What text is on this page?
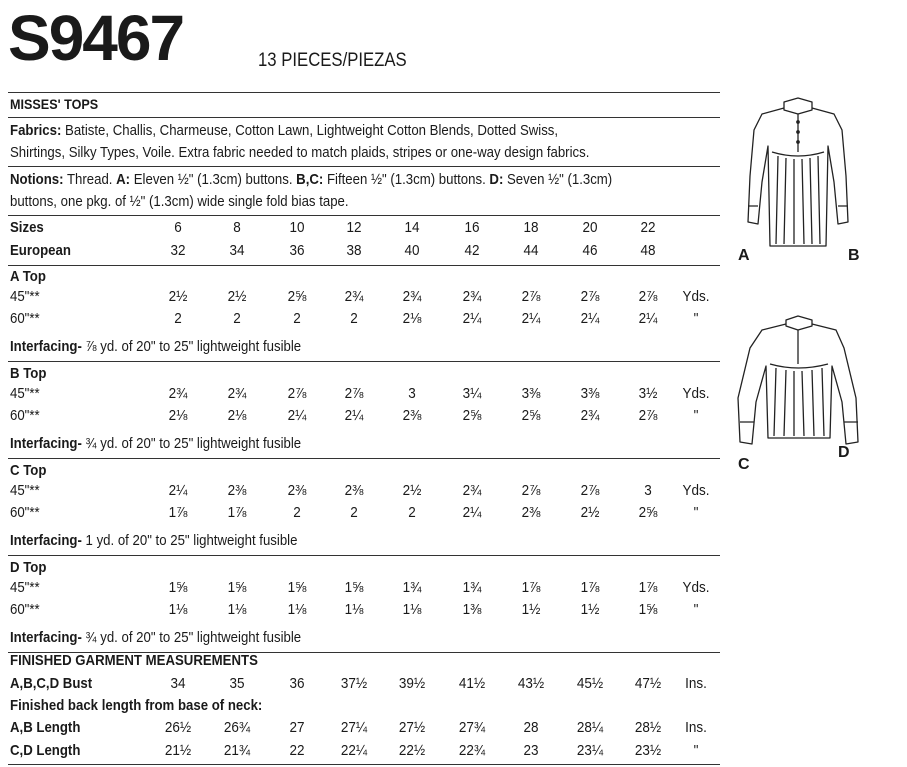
S9467	13 PIECES/PIEZAS
MISSES' TOPS
Fabrics: Batiste, Challis, Charmeuse, Cotton Lawn, Lightweight Cotton Blends, Dotted Swiss,
Shirtings, Silky Types, Voile. Extra fabric needed to match plaids, stripes or one-way design fabrics.
Notions: Thread. A: Eleven ½" (1.3cm) buttons. B,C: Fifteen ½" (1.3cm) buttons. D: Seven ½" (1.3cm)
buttons, one pkg. of ½" (1.3cm) wide single fold bias tape.
Sizes	6	8	10	12	14	16	18	20	22
European	32	34	36	38	40	42	44	46	48
A Top
45"**	2½	2½	2⅝	2¾	2¾	2¾	2⅞	2⅞	2⅞	Yds.
60"**	2	2	2	2	2⅛	2¼	2¼	2¼	2¼	"
Interfacing- ⅞ yd. of 20" to 25" lightweight fusible
B Top
45"**	2¾	2¾	2⅞	2⅞	3	3¼	3⅜	3⅜	3½	Yds.
60"**	2⅛	2⅛	2¼	2¼	2⅜	2⅝	2⅝	2¾	2⅞	"
Interfacing- ¾ yd. of 20" to 25" lightweight fusible
C Top
45"**	2¼	2⅜	2⅜	2⅜	2½	2¾	2⅞	2⅞	3	Yds.
60"**	1⅞	1⅞	2	2	2	2¼	2⅜	2½	2⅝	"
Interfacing- 1 yd. of 20" to 25" lightweight fusible
D Top
45"**	1⅝	1⅝	1⅝	1⅝	1¾	1¾	1⅞	1⅞	1⅞	Yds.
60"**	1⅛	1⅛	1⅛	1⅛	1⅛	1⅜	1½	1½	1⅝	"
Interfacing- ¾ yd. of 20" to 25" lightweight fusible
FINISHED GARMENT MEASUREMENTS
A,B,C,D Bust	34	35	36	37½	39½	41½	43½	45½	47½	Ins.
Finished back length from base of neck:
A,B Length	26½	26¾	27	27¼	27½	27¾	28	28¼	28½	Ins.
C,D Length	21½	21¾	22	22¼	22½	22¾	23	23¼	23½	"
A	B
C
D
